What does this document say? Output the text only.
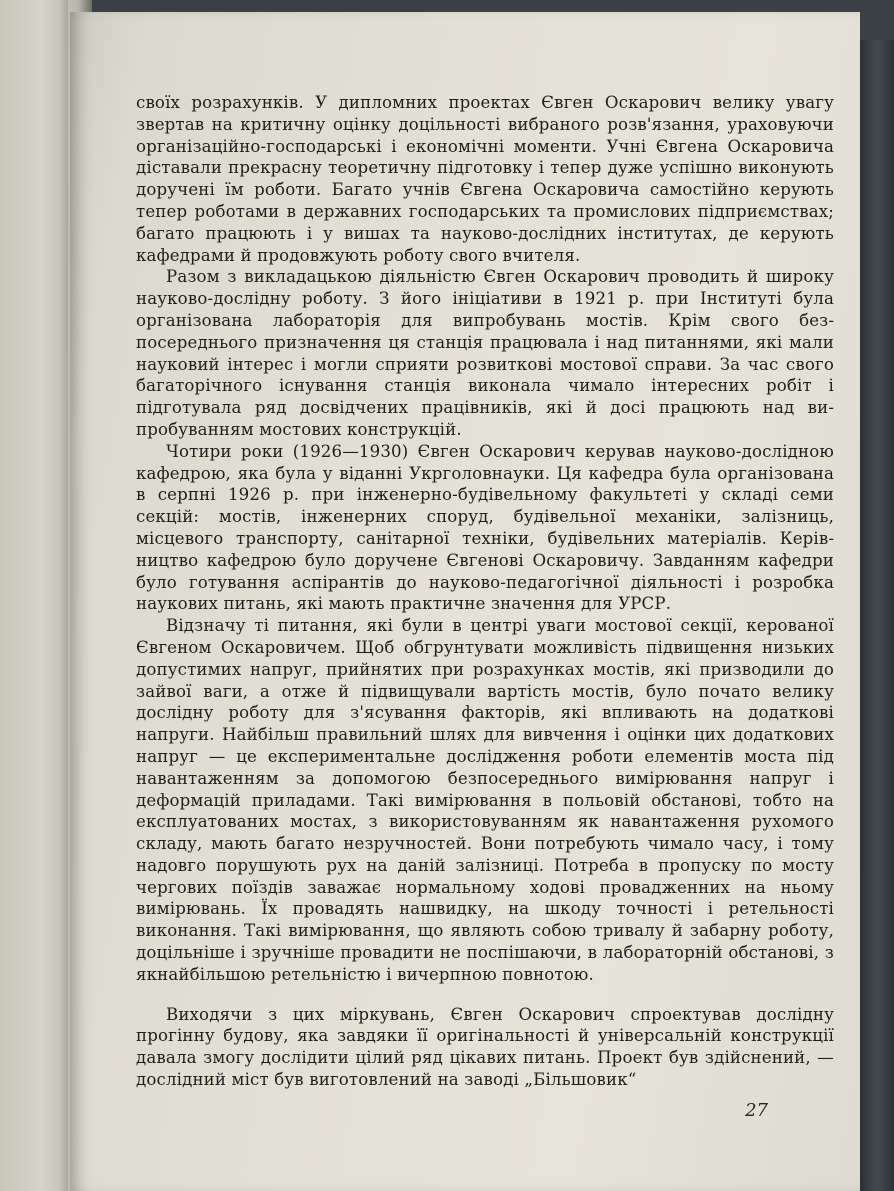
своїх розрахунків. У дипломних проектах Євген Оскарович велику увагу звертав на критичну оцінку доцільності вибраного розв'язання, ураховуючи організаційно-господарські і економічні моменти. Учні Євгена Оскаровича діставали прекрасну теоретичну підготовку і тепер дуже успішно виконують доручені їм роботи. Багато учнів Євгена Оскаровича самостійно керують тепер роботами в державних господарських та промислових підприємствах; багато працюють і у вишах та науково-дослідних інститутах, де керують кафедрами й продовжують роботу свого вчителя.

Разом з викладацькою діяльністю Євген Оскарович проводить й широку науково-дослідну роботу. З його ініціативи в 1921 р. при Інституті була організована лабораторія для випробувань мостів. Крім свого безпосереднього призначення ця станція працювала і над питаннями, які мали науковий інтерес і могли сприяти розвиткові мостової справи. За час свого багаторічного існування станція виконала чимало інтересних робіт і підготувала ряд досвідчених працівників, які й досі працюють над випробуванням мостових конструкцій.

Чотири роки (1926—1930) Євген Оскарович керував науково-дослідною кафедрою, яка була у віданні Укрголовнауки. Ця кафедра була організована в серпні 1926 р. при інженерно-будівельному факультеті у складі семи секцій: мостів, інженерних споруд, будівельної механіки, залізниць, місцевого транспорту, санітарної техніки, будівельних матеріалів. Керівництво кафедрою було доручене Євгенові Оскаровичу. Завданням кафедри було готування аспірантів до науково-педагогічної діяльності і розробка наукових питань, які мають практичне значення для УРСР.

Відзначу ті питання, які були в центрі уваги мостової секції, керованої Євгеном Оскаровичем. Щоб обгрунтувати можливість підвищення низьких допустимих напруг, прийнятих при розрахунках мостів, які призводили до зайвої ваги, а отже й підвищували вартість мостів, було почато велику дослідну роботу для з'ясування факторів, які впливають на додаткові напруги. Найбільш правильний шлях для вивчення і оцінки цих додаткових напруг — це експериментальне дослідження роботи елементів моста під навантаженням за допомогою безпосереднього вимірювання напруг і деформацій приладами. Такі вимірювання в польовій обстанові, тобто на експлуатованих мостах, з використовуванням як навантаження рухомого складу, мають багато незручностей. Вони потребують чимало часу, і тому надовго порушують рух на даній залізниці. Потреба в пропуску по мосту чергових поїздів заважає нормальному ходові провадженних на ньому вимірювань. Їх провадять нашвидку, на шкоду точності і ретельності виконання. Такі вимірювання, що являють собою тривалу й забарну роботу, доцільніше і зручніше провадити не поспішаючи, в лабораторній обстанові, з якнайбільшою ретельністю і вичерпною повнотою.

Виходячи з цих міркувань, Євген Оскарович спроектував дослідну прогінну будову, яка завдяки її оригінальності й універсальній конструкції давала змогу дослідити цілий ряд цікавих питань. Проект був здійснений, — дослідний міст був виготовлений на заводі „Більшовик“

27
